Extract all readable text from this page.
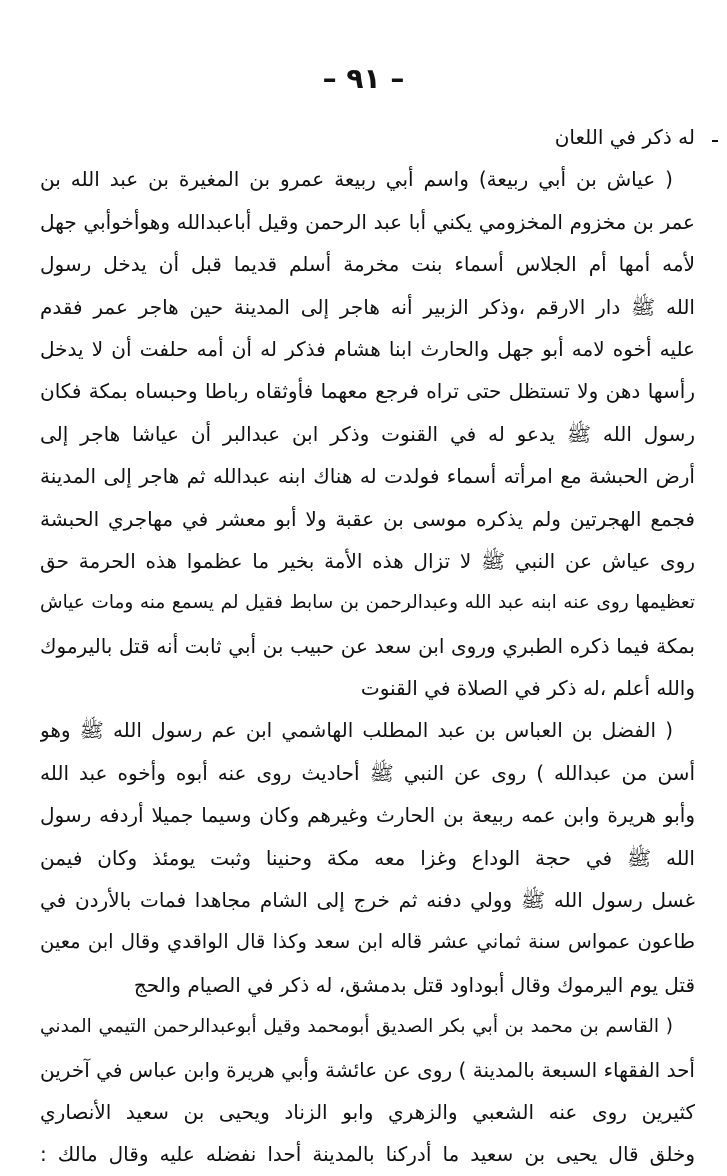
– ٩١ –
له ذكر في اللعان
( عياش بن أبي ربيعة) واسم أبي ربيعة عمرو بن المغيرة بن عبد الله بن
عمر بن مخزوم المخزومي يكني أبا عبد الرحمن وقيل أباعبدالله وهوأخوأبي جهل
لأمه أمها أم الجلاس أسماء بنت مخرمة أسلم قديما قبل أن يدخل رسول
الله ﷺ دار الارقم ،وذكر الزبير أنه هاجر إلى المدينة حين هاجر عمر فقدم
عليه أخوه لامه أبو جهل والحارث ابنا هشام فذكر له أن أمه حلفت أن لا يدخل
رأسها دهن ولا تستظل حتى تراه فرجع معهما فأوثقاه رباطا وحبساه بمكة فكان
رسول الله ﷺ يدعو له في القنوت وذكر ابن عبدالبر أن عياشا هاجر إلى
أرض الحبشة مع امرأته أسماء فولدت له هناك ابنه عبدالله ثم هاجر إلى المدينة
فجمع الهجرتين ولم يذكره موسى بن عقبة ولا أبو معشر في مهاجري الحبشة
روى عياش عن النبي ﷺ لا تزال هذه الأمة بخير ما عظموا هذه الحرمة حق
تعظيمها روى عنه ابنه عبد الله وعبدالرحمن بن سابط فقيل لم يسمع منه ومات عياش
بمكة فيما ذكره الطبري وروى ابن سعد عن حبيب بن أبي ثابت أنه قتل باليرموك
والله أعلم ،له ذكر في الصلاة في القنوت
( الفضل بن العباس بن عبد المطلب الهاشمي ابن عم رسول الله ﷺ وهو
أسن من عبدالله ) روى عن النبي ﷺ أحاديث روى عنه أبوه وأخوه عبد الله
وأبو هريرة وابن عمه ربيعة بن الحارث وغيرهم وكان وسيما جميلا أردفه رسول
الله ﷺ في حجة الوداع وغزا معه مكة وحنينا وثبت يومئذ وكان فيمن
غسل رسول الله ﷺ وولي دفنه ثم خرج إلى الشام مجاهدا فمات بالأردن في
طاعون عمواس سنة ثماني عشر قاله ابن سعد وكذا قال الواقدي وقال ابن معين
قتل يوم اليرموك وقال أبوداود قتل بدمشق، له ذكر في الصيام والحج
( القاسم بن محمد بن أبي بكر الصديق أبومحمد وقيل أبوعبدالرحمن التيمي المدني
أحد الفقهاء السبعة بالمدينة ) روى عن عائشة وأبي هريرة وابن عباس في آخرين
كثيرين روى عنه الشعبي والزهري وابو الزناد ويحيى بن سعيد الأنصاري
وخلق قال يحيى بن سعيد ما أدركنا بالمدينة أحدا نفضله عليه وقال مالك :
